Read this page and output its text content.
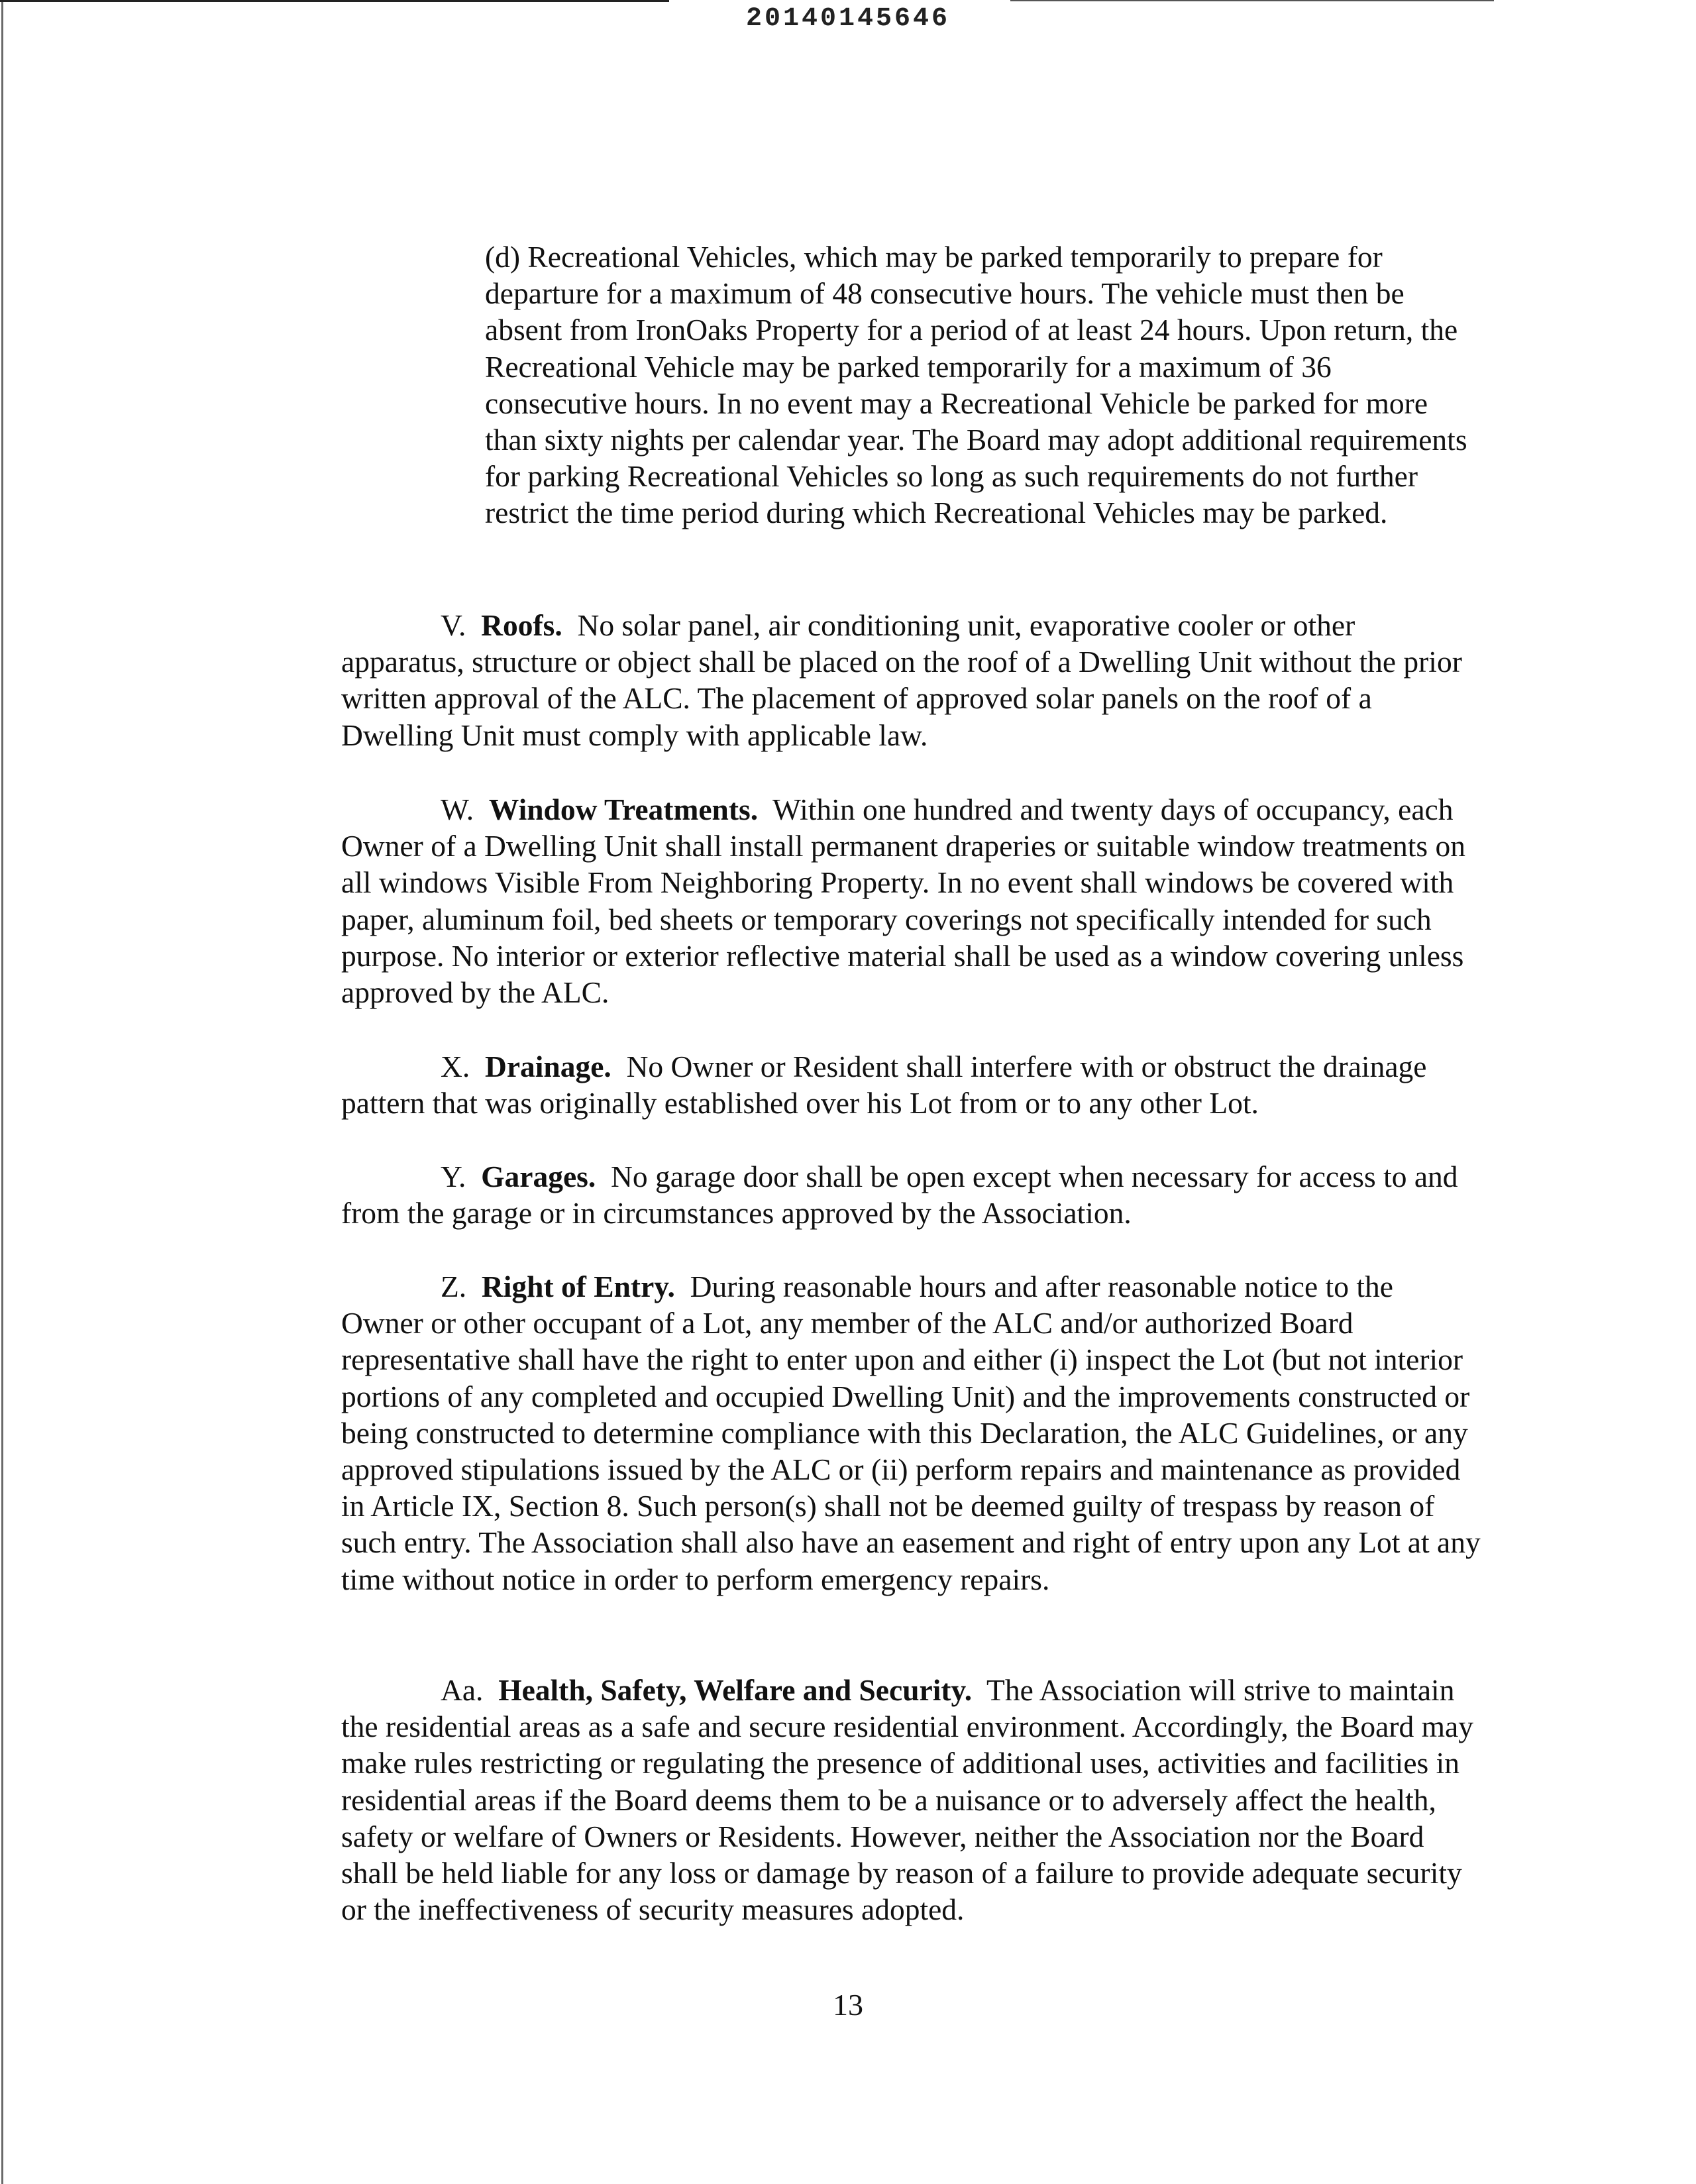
20140145646

(d) Recreational Vehicles, which may be parked temporarily to prepare for departure for a maximum of 48 consecutive hours. The vehicle must then be absent from IronOaks Property for a period of at least 24 hours. Upon return, the Recreational Vehicle may be parked temporarily for a maximum of 36 consecutive hours. In no event may a Recreational Vehicle be parked for more than sixty nights per calendar year. The Board may adopt additional requirements for parking Recreational Vehicles so long as such requirements do not further restrict the time period during which Recreational Vehicles may be parked.

V. Roofs. No solar panel, air conditioning unit, evaporative cooler or other apparatus, structure or object shall be placed on the roof of a Dwelling Unit without the prior written approval of the ALC. The placement of approved solar panels on the roof of a Dwelling Unit must comply with applicable law.

W. Window Treatments. Within one hundred and twenty days of occupancy, each Owner of a Dwelling Unit shall install permanent draperies or suitable window treatments on all windows Visible From Neighboring Property. In no event shall windows be covered with paper, aluminum foil, bed sheets or temporary coverings not specifically intended for such purpose. No interior or exterior reflective material shall be used as a window covering unless approved by the ALC.

X. Drainage. No Owner or Resident shall interfere with or obstruct the drainage pattern that was originally established over his Lot from or to any other Lot.

Y. Garages. No garage door shall be open except when necessary for access to and from the garage or in circumstances approved by the Association.

Z. Right of Entry. During reasonable hours and after reasonable notice to the Owner or other occupant of a Lot, any member of the ALC and/or authorized Board representative shall have the right to enter upon and either (i) inspect the Lot (but not interior portions of any completed and occupied Dwelling Unit) and the improvements constructed or being constructed to determine compliance with this Declaration, the ALC Guidelines, or any approved stipulations issued by the ALC or (ii) perform repairs and maintenance as provided in Article IX, Section 8. Such person(s) shall not be deemed guilty of trespass by reason of such entry. The Association shall also have an easement and right of entry upon any Lot at any time without notice in order to perform emergency repairs.

Aa. Health, Safety, Welfare and Security. The Association will strive to maintain the residential areas as a safe and secure residential environment. Accordingly, the Board may make rules restricting or regulating the presence of additional uses, activities and facilities in residential areas if the Board deems them to be a nuisance or to adversely affect the health, safety or welfare of Owners or Residents. However, neither the Association nor the Board shall be held liable for any loss or damage by reason of a failure to provide adequate security or the ineffectiveness of security measures adopted.

13
